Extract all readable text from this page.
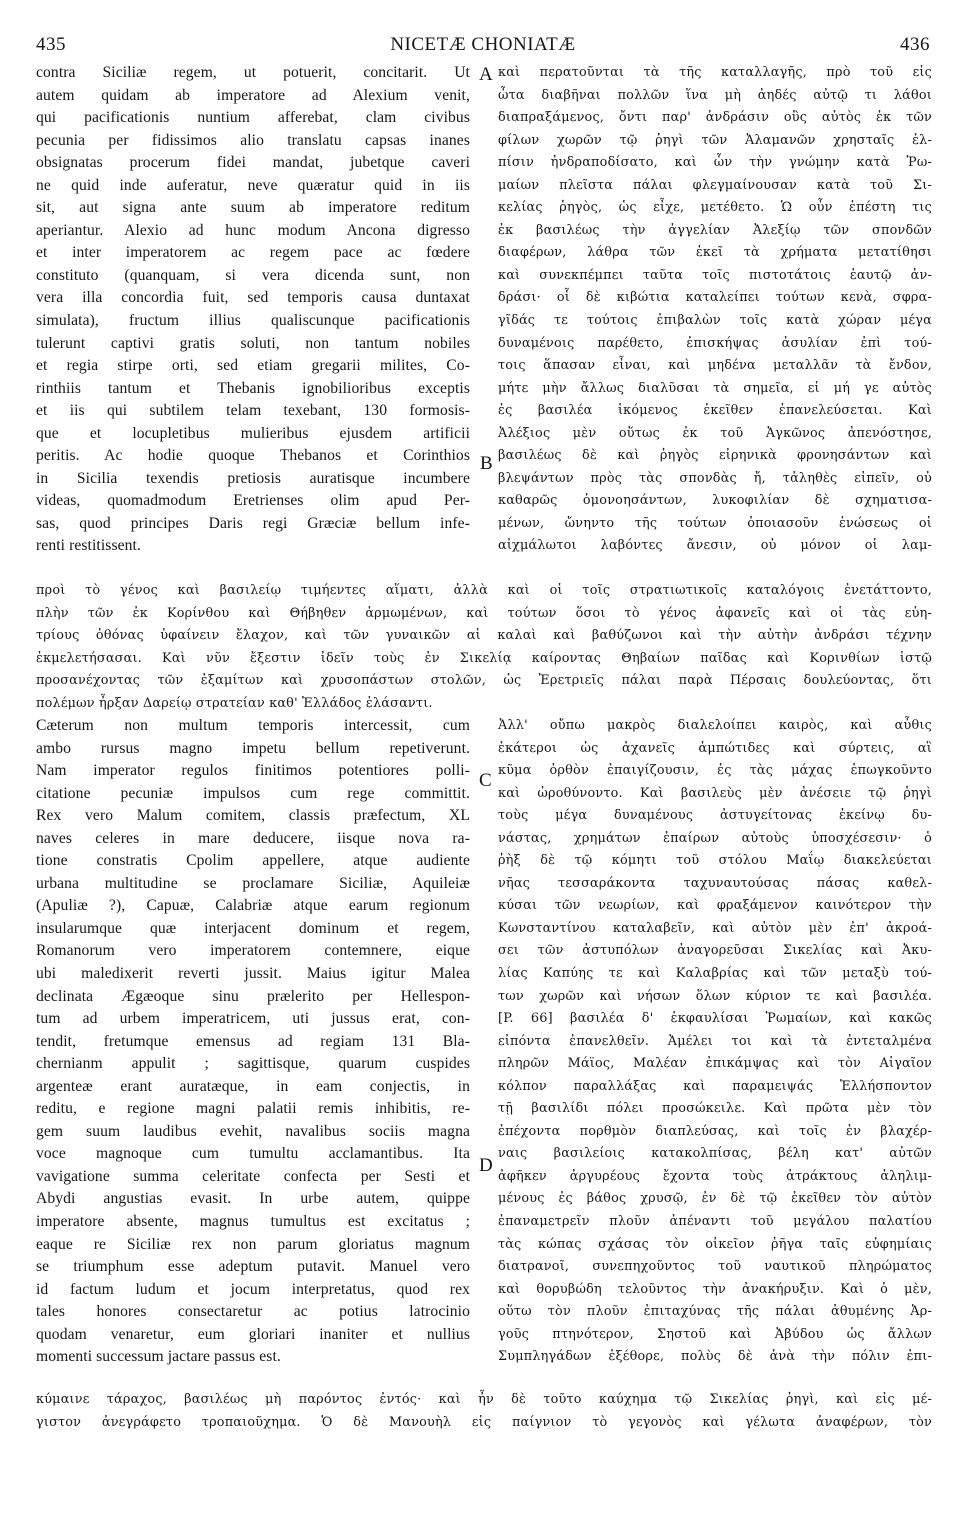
435	NICETÆ CHONIATÆ	436
contra Siciliæ regem, ut potuerit, concitarit. Ut
autem quidam ab imperatore ad Alexium venit,
qui pacificationis nuntium afferebat, clam civibus
pecunia per fidissimos alio translatu capsas inanes
obsignatas procerum fidei mandat, jubetque caveri
ne quid inde auferatur, neve quæratur quid in iis
sit, aut signa ante suum ab imperatore reditum
aperiantur. Alexio ad hunc modum Ancona digresso
et inter imperatorem ac regem pace ac fœdere
constituto (quanquam, si vera dicenda sunt, non
vera illa concordia fuit, sed temporis causa duntaxat
simulata), fructum illius qualiscunque pacificationis
tulerunt captivi gratis soluti, non tantum nobiles
et regia stirpe orti, sed etiam gregarii milites, Co-
rinthiis tantum et Thebanis ignobilioribus exceptis
et iis qui subtilem telam texebant, 130 formosis-
que et locupletibus mulieribus ejusdem artificii
peritis. Ac hodie quoque Thebanos et Corinthios
in Sicilia texendis pretiosis auratisque incumbere
videas, quomadmodum Eretrienses olim apud Per-
sas, quod principes Daris regi Græciæ bellum infe-
renti restitissent.
A
B
καὶ περατοῦνται τὰ τῆς καταλλαγῆς, πρὸ τοῦ εἰς
ὦτα διαβῆναι πολλῶν ἵνα μὴ ἀηδές αὐτῷ τι λάθοι
διαπραξάμενος, ὄντι παρ' ἀνδράσιν οὓς αὐτὸς ἐκ τῶν
φίλων χωρῶν τῷ ῥηγὶ τῶν Ἀλαμανῶν χρησταῖς ἐλ-
πίσιν ἠνδραποδίσατο, καὶ ὧν τὴν γνώμην κατὰ Ῥω-
μαίων πλεῖστα πάλαι φλεγμαίνουσαν κατὰ τοῦ Σι-
κελίας ῥηγὸς, ὡς εἶχε, μετέθετο. Ὡ οὖν ἐπέστη τις
ἐκ βασιλέως τὴν ἀγγελίαν Ἀλεξίῳ τῶν σπονδῶν
διαφέρων, λάθρα τῶν ἐκεῖ τὰ χρήματα μετατίθησι
καὶ συνεκπέμπει ταῦτα τοῖς πιστοτάτοις ἑαυτῷ ἀν-
δράσι· οἷ δὲ κιβώτια καταλείπει τούτων κενὰ, σφρα-
γῖδάς τε τούτοις ἐπιβαλὼν τοῖς κατὰ χώραν μέγα
δυναμένοις παρέθετο, ἐπισκήψας ἀσυλίαν ἐπὶ τού-
τοις ἅπασαν εἶναι, καὶ μηδένα μεταλλᾶν τὰ ἔνδον,
μήτε μὴν ἄλλως διαλῦσαι τὰ σημεῖα, εἰ μή γε αὐτὸς
ἐς βασιλέα ἱκόμενος ἐκεῖθεν ἐπανελεύσεται. Καὶ
Ἀλέξιος μὲν οὕτως ἐκ τοῦ Ἀγκῶνος ἀπενόστησε,
βασιλέως δὲ καὶ ῥηγὸς εἰρηνικὰ φρονησάντων καὶ
βλεψάντων πρὸς τὰς σπονδὰς ἤ, τἀληθὲς εἰπεῖν, οὐ
καθαρῶς ὁμονοησάντων, λυκοφιλίαν δὲ σχηματισα-
μένων, ὤνηντο τῆς τούτων ὁποιασοῦν ἑνώσεως οἱ
αἰχμάλωτοι λαβόντες ἄνεσιν, οὐ μόνον οἱ λαμ-
προὶ τὸ γένος καὶ βασιλείῳ τιμήεντες αἵματι, ἀλλὰ καὶ οἱ τοῖς στρατιωτικοῖς καταλόγοις ἐνετάττοντο,
πλὴν τῶν ἐκ Κορίνθου καὶ Θήβηθεν ἁρμωμένων, καὶ τούτων ὅσοι τὸ γένος ἀφανεῖς καὶ οἱ τὰς εὐη-
τρίους ὀθόνας ὑφαίνειν ἔλαχον, καὶ τῶν γυναικῶν αἱ καλαὶ καὶ βαθύζωνοι καὶ τὴν αὐτὴν ἀνδράσι τέχνην
ἐκμελετήσασαι. Καὶ νῦν ἔξεστιν ἰδεῖν τοὺς ἐν Σικελίᾳ καίροντας Θηβαίων παῖδας καὶ Κορινθίων ἱστῷ
προσανέχοντας τῶν ἐξαμίτων καὶ χρυσοπάστων στολῶν, ὡς Ἐρετριεῖς πάλαι παρὰ Πέρσαις δουλεύοντας, ὅτι
πολέμων ἦρξαν Δαρείῳ στρατείαν καθ' Ἑλλάδος ἐλάσαντι.
Cæterum non multum temporis intercessit, cum
ambo rursus magno impetu bellum repetiverunt.
Nam imperator regulos finitimos potentiores polli-
citatione pecuniæ impulsos cum rege committit.
Rex vero Malum comitem, classis præfectum, XL
naves celeres in mare deducere, iisque nova ra-
tione constratis Cpolim appellere, atque audiente
urbana multitudine se proclamare Siciliæ, Aquileiæ
(Apuliæ ?), Capuæ, Calabriæ atque earum regionum
insularumque quæ interjacent dominum et regem,
Romanorum vero imperatorem contemnere, eique
ubi maledixerit reverti jussit. Maius igitur Malea
declinata Ægæoque sinu prælerito per Hellespon-
tum ad urbem imperatricem, uti jussus erat, con-
tendit, fretumque emensus ad regiam 131 Bla-
chernianm appulit ; sagittisque, quarum cuspides
argenteæ erant auratæque, in eam conjectis, in
reditu, e regione magni palatii remis inhibitis, re-
gem suum laudibus evehit, navalibus sociis magna
voce magnoque cum tumultu acclamantibus. Ita
vavigatione summa celeritate confecta per Sesti et
Abydi angustias evasit. In urbe autem, quippe
imperatore absente, magnus tumultus est excitatus ;
eaque re Siciliæ rex non parum gloriatus magnum
se triumphum esse adeptum putavit. Manuel vero
id factum ludum et jocum interpretatus, quod rex
tales honores consectaretur ac potius latrocinio
quodam venaretur, eum gloriari inaniter et nullius
momenti successum jactare passus est.
C
D
Ἀλλ' οὔπω μακρὸς διαλελοίπει καιρὸς, καὶ αὖθις
ἑκάτεροι ὡς ἀχανεῖς ἀμπώτιδες καὶ σύρτεις, αἳ
κῦμα ὀρθὸν ἐπαιγίζουσιν, ἐς τὰς μάχας ἐπωγκοῦντο
καὶ ὠροθύνοντο. Καὶ βασιλεὺς μὲν ἀνέσειε τῷ ῥηγὶ
τοὺς μέγα δυναμένους ἀστυγείτονας ἐκείνῳ δυ-
νάστας, χρημάτων ἐπαίρων αὐτοὺς ὑποσχέσεσιν· ὁ
ῥὴξ δὲ τῷ κόμητι τοῦ στόλου Μαΐῳ διακελεύεται
νῆας τεσσαράκοντα ταχυναυτούσας πάσας καθελ-
κύσαι τῶν νεωρίων, καὶ φραξάμενον καινότερον τὴν
Κωνσταντίνου καταλαβεῖν, καὶ αὐτὸν μὲν ἐπ' ἀκροά-
σει τῶν ἀστυπόλων ἀναγορεῦσαι Σικελίας καὶ Ἀκυ-
λίας Καπύης τε καὶ Καλαβρίας καὶ τῶν μεταξὺ τού-
των χωρῶν καὶ νήσων ὅλων κύριον τε καὶ βασιλέα.
[P. 66] βασιλέα δ' ἐκφαυλίσαι Ῥωμαίων, καὶ κακῶς
εἰπόντα ἐπανελθεῖν. Ἀμέλει τοι καὶ τὰ ἐντεταλμένα
πληρῶν Μάϊος, Μαλέαν ἐπικάμψας καὶ τὸν Αἰγαῖον
κόλπον παραλλάξας καὶ παραμειψάς Ἑλλήσποντον
τῇ βασιλίδι πόλει προσώκειλε. Καὶ πρῶτα μὲν τὸν
ἐπέχοντα πορθμὸν διαπλεύσας, καὶ τοῖς ἐν βλαχέρ-
ναις βασιλείοις κατακολπίσας, βέλη κατ' αὐτῶν
ἀφῆκεν ἀργυρέους ἔχοντα τοὺς ἀτράκτους ἀληλιμ-
μένους ἐς βάθος χρυσῷ, ἐν δὲ τῷ ἐκεῖθεν τὸν αὐτὸν
ἐπαναμετρεῖν πλοῦν ἀπέναντι τοῦ μεγάλου παλατίου
τὰς κώπας σχάσας τὸν οἰκεῖον ῥῆγα ταῖς εὐφημίαις
διατρανοῖ, συνεπηχοῦντος τοῦ ναυτικοῦ πληρώματος
καὶ θορυβώδη τελοῦντος τὴν ἀνακήρυξιν. Καὶ ὁ μὲν,
οὕτω τὸν πλοῦν ἐπιταχύνας τῆς πάλαι ἀθυμένης Ἀρ-
γοῦς πτηνότερον, Σηστοῦ καὶ Ἀβύδου ὡς ἄλλων
Συμπληγάδων ἐξέθορε, πολὺς δὲ ἀνὰ τὴν πόλιν ἐπι-
κύμαινε τάραχος, βασιλέως μὴ παρόντος ἐντός· καὶ ἦν δὲ τοῦτο καύχημα τῷ Σικελίας ῥηγὶ, καὶ εἰς μέ-
γιστον ἀνεγράφετο τροπαιοῦχημα. Ὁ δὲ Μανουὴλ εἰς παίγνιον τὸ γεγονὸς καὶ γέλωτα ἀναφέρων, τὸν
